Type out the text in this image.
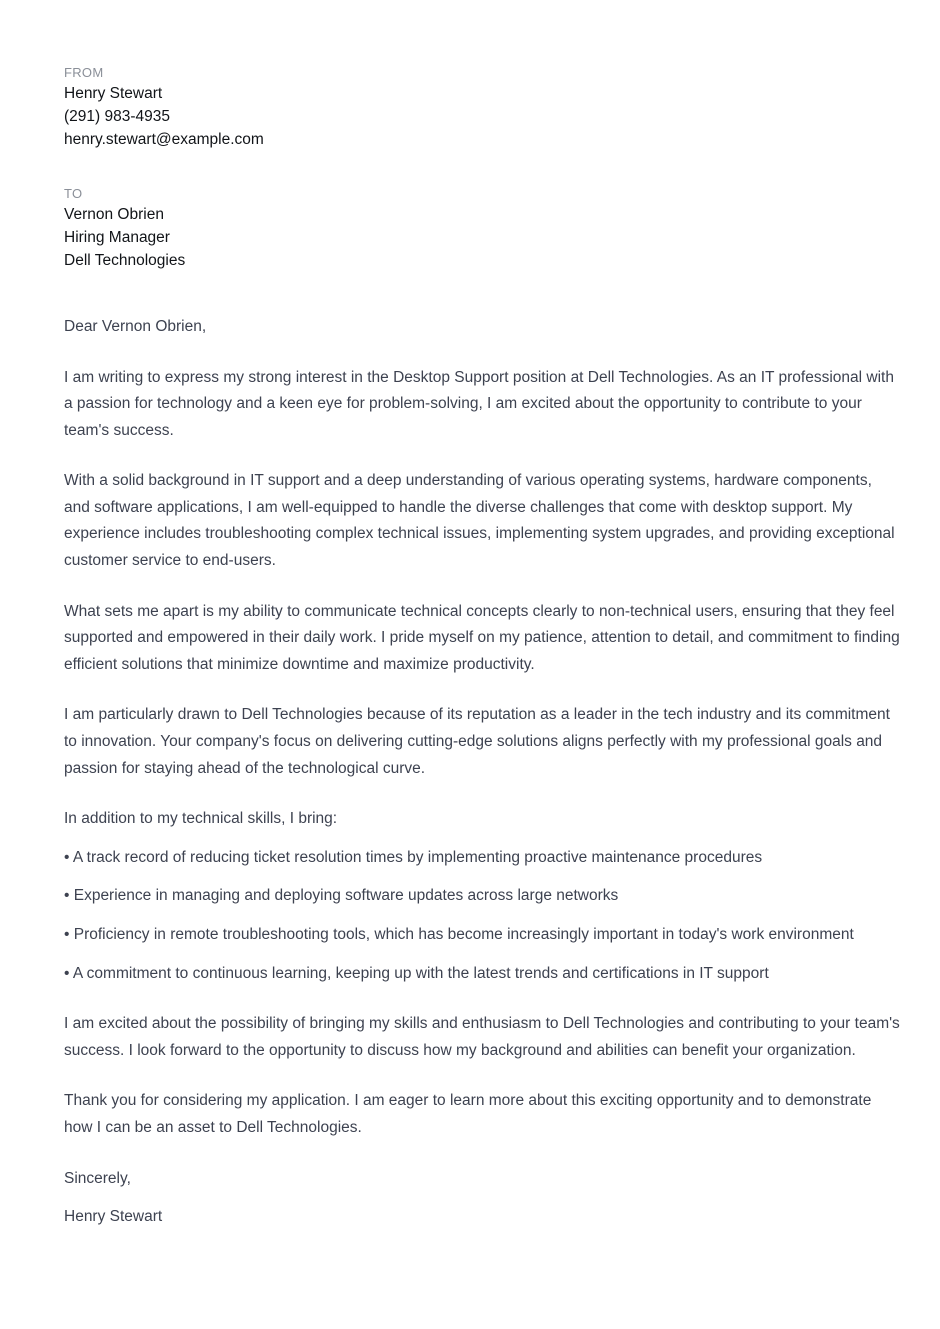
FROM

Henry Stewart

(291) 983-4935

henry.stewart@example.com

TO

Vernon Obrien

Hiring Manager

Dell Technologies

Dear Vernon Obrien,

I am writing to express my strong interest in the Desktop Support position at Dell Technologies. As an IT professional with a passion for technology and a keen eye for problem-solving, I am excited about the opportunity to contribute to your team's success.

With a solid background in IT support and a deep understanding of various operating systems, hardware components, and software applications, I am well-equipped to handle the diverse challenges that come with desktop support. My experience includes troubleshooting complex technical issues, implementing system upgrades, and providing exceptional customer service to end-users.

What sets me apart is my ability to communicate technical concepts clearly to non-technical users, ensuring that they feel supported and empowered in their daily work. I pride myself on my patience, attention to detail, and commitment to finding efficient solutions that minimize downtime and maximize productivity.

I am particularly drawn to Dell Technologies because of its reputation as a leader in the tech industry and its commitment to innovation. Your company's focus on delivering cutting-edge solutions aligns perfectly with my professional goals and passion for staying ahead of the technological curve.

In addition to my technical skills, I bring:
• A track record of reducing ticket resolution times by implementing proactive maintenance procedures
• Experience in managing and deploying software updates across large networks
• Proficiency in remote troubleshooting tools, which has become increasingly important in today's work environment
• A commitment to continuous learning, keeping up with the latest trends and certifications in IT support

I am excited about the possibility of bringing my skills and enthusiasm to Dell Technologies and contributing to your team's success. I look forward to the opportunity to discuss how my background and abilities can benefit your organization.

Thank you for considering my application. I am eager to learn more about this exciting opportunity and to demonstrate how I can be an asset to Dell Technologies.

Sincerely,
Henry Stewart
